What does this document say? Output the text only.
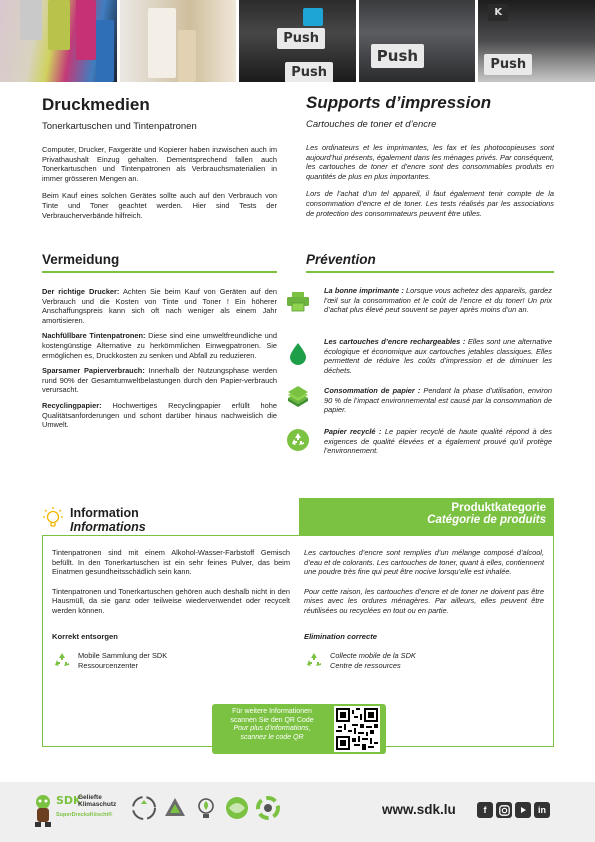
Push
Push
Push
K
Push
Druckmedien
Tonerkartuschen und Tintenpatronen

Computer, Drucker, Faxgeräte und Kopierer haben inzwischen auch im Privathaushalt Einzug gehalten. Dementsprechend fallen auch Tonerkartuschen und Tintenpatronen als Verbrauchsmaterialien in immer grösseren Mengen an.

Beim Kauf eines solchen Gerätes sollte auch auf den Verbrauch von Tinte und Toner geachtet werden. Hier sind Tests der Verbraucherverbände hilfreich.

Supports d’impression
Cartouches de toner et d’encre

Les ordinateurs et les imprimantes, les fax et les photocopieuses sont aujourd’hui présents, également dans les ménages privés. Par conséquent, les cartouches de toner et d’encre sont des consommables produits en quantités de plus en plus importantes.

Lors de l’achat d’un tel appareil, il faut également tenir compte de la consommation d’encre et de toner. Les tests réalisés par les associations de protection des consommateurs peuvent être utiles.

Vermeidung	Prévention

Der richtige Drucker: Achten Sie beim Kauf von Geräten auf den Verbrauch und die Kosten von Tinte und Toner ! Ein höherer Anschaffungspreis kann sich oft nach weniger als einem Jahr amortisieren.

Nachfüllbare Tintenpatronen: Diese sind eine umweltfreundliche und kostengünstige Alternative zu herkömmlichen Einwegpatronen. Sie ermöglichen es, Druckkosten zu senken und Abfall zu reduzieren.

Sparsamer Papierverbrauch: Innerhalb der Nutzungsphase werden rund 90% der Gesamtumweltbelastungen durch den Papier-verbrauch verursacht.

Recyclingpapier: Hochwertiges Recyclingpapier erfüllt hohe Qualitätsanforderungen und schont darüber hinaus nachweislich die Umwelt.

La bonne imprimante : Lorsque vous achetez des appareils, gardez l’œil sur la consommation et le coût de l’encre et du toner! Un prix d’achat plus élevé peut souvent se payer après moins d’un an.

Les cartouches d’encre rechargeables : Elles sont une alternative écologique et économique aux cartouches jetables classiques. Elles permettent de réduire les coûts d’impression et de diminuer les déchets.

Consommation de papier : Pendant la phase d’utilisation, environ 90 % de l’impact environnemental est causé par la consommation de papier.

Papier recyclé : Le papier recyclé de haute qualité répond à des exigences de qualité élevées et a également prouvé qu’il protège l’environnement.

Information
Informations
Produktkategorie
Catégorie de produits

Tintenpatronen sind mit einem Alkohol-Wasser-Farbstoff Gemisch befüllt. In den Tonerkartuschen ist ein sehr feines Pulver, das beim Einatmen gesundheitsschädlich sein kann.

Tintenpatronen und Tonerkartuschen gehören auch deshalb nicht in den Hausmüll, da sie ganz oder teilweise wiederverwendet oder recycelt werden können.

Korrekt entsorgen
Mobile Sammlung der SDK
Ressourcenzenter

Les cartouches d’encre sont remplies d’un mélange composé d’alcool, d’eau et de colorants. Les cartouches de toner, quant à elles, contiennent une poudre très fine qui peut être nocive lorsqu’elle est inhalée.

Pour cette raison, les cartouches d’encre et de toner ne doivent pas être mises avec les ordures ménagères. Par ailleurs, elles peuvent être réutilisées ou recyclées en tout ou en partie.

Elimination correcte
Collecte mobile de la SDK
Centre de ressources
Für weitere Informationen
scannen Sie den QR Code
Pour plus d’informations,
scannez le code QR
SDK
Geliefte
Klimaschutz
SuperDrecksKëscht®	www.sdk.lu	f	in
